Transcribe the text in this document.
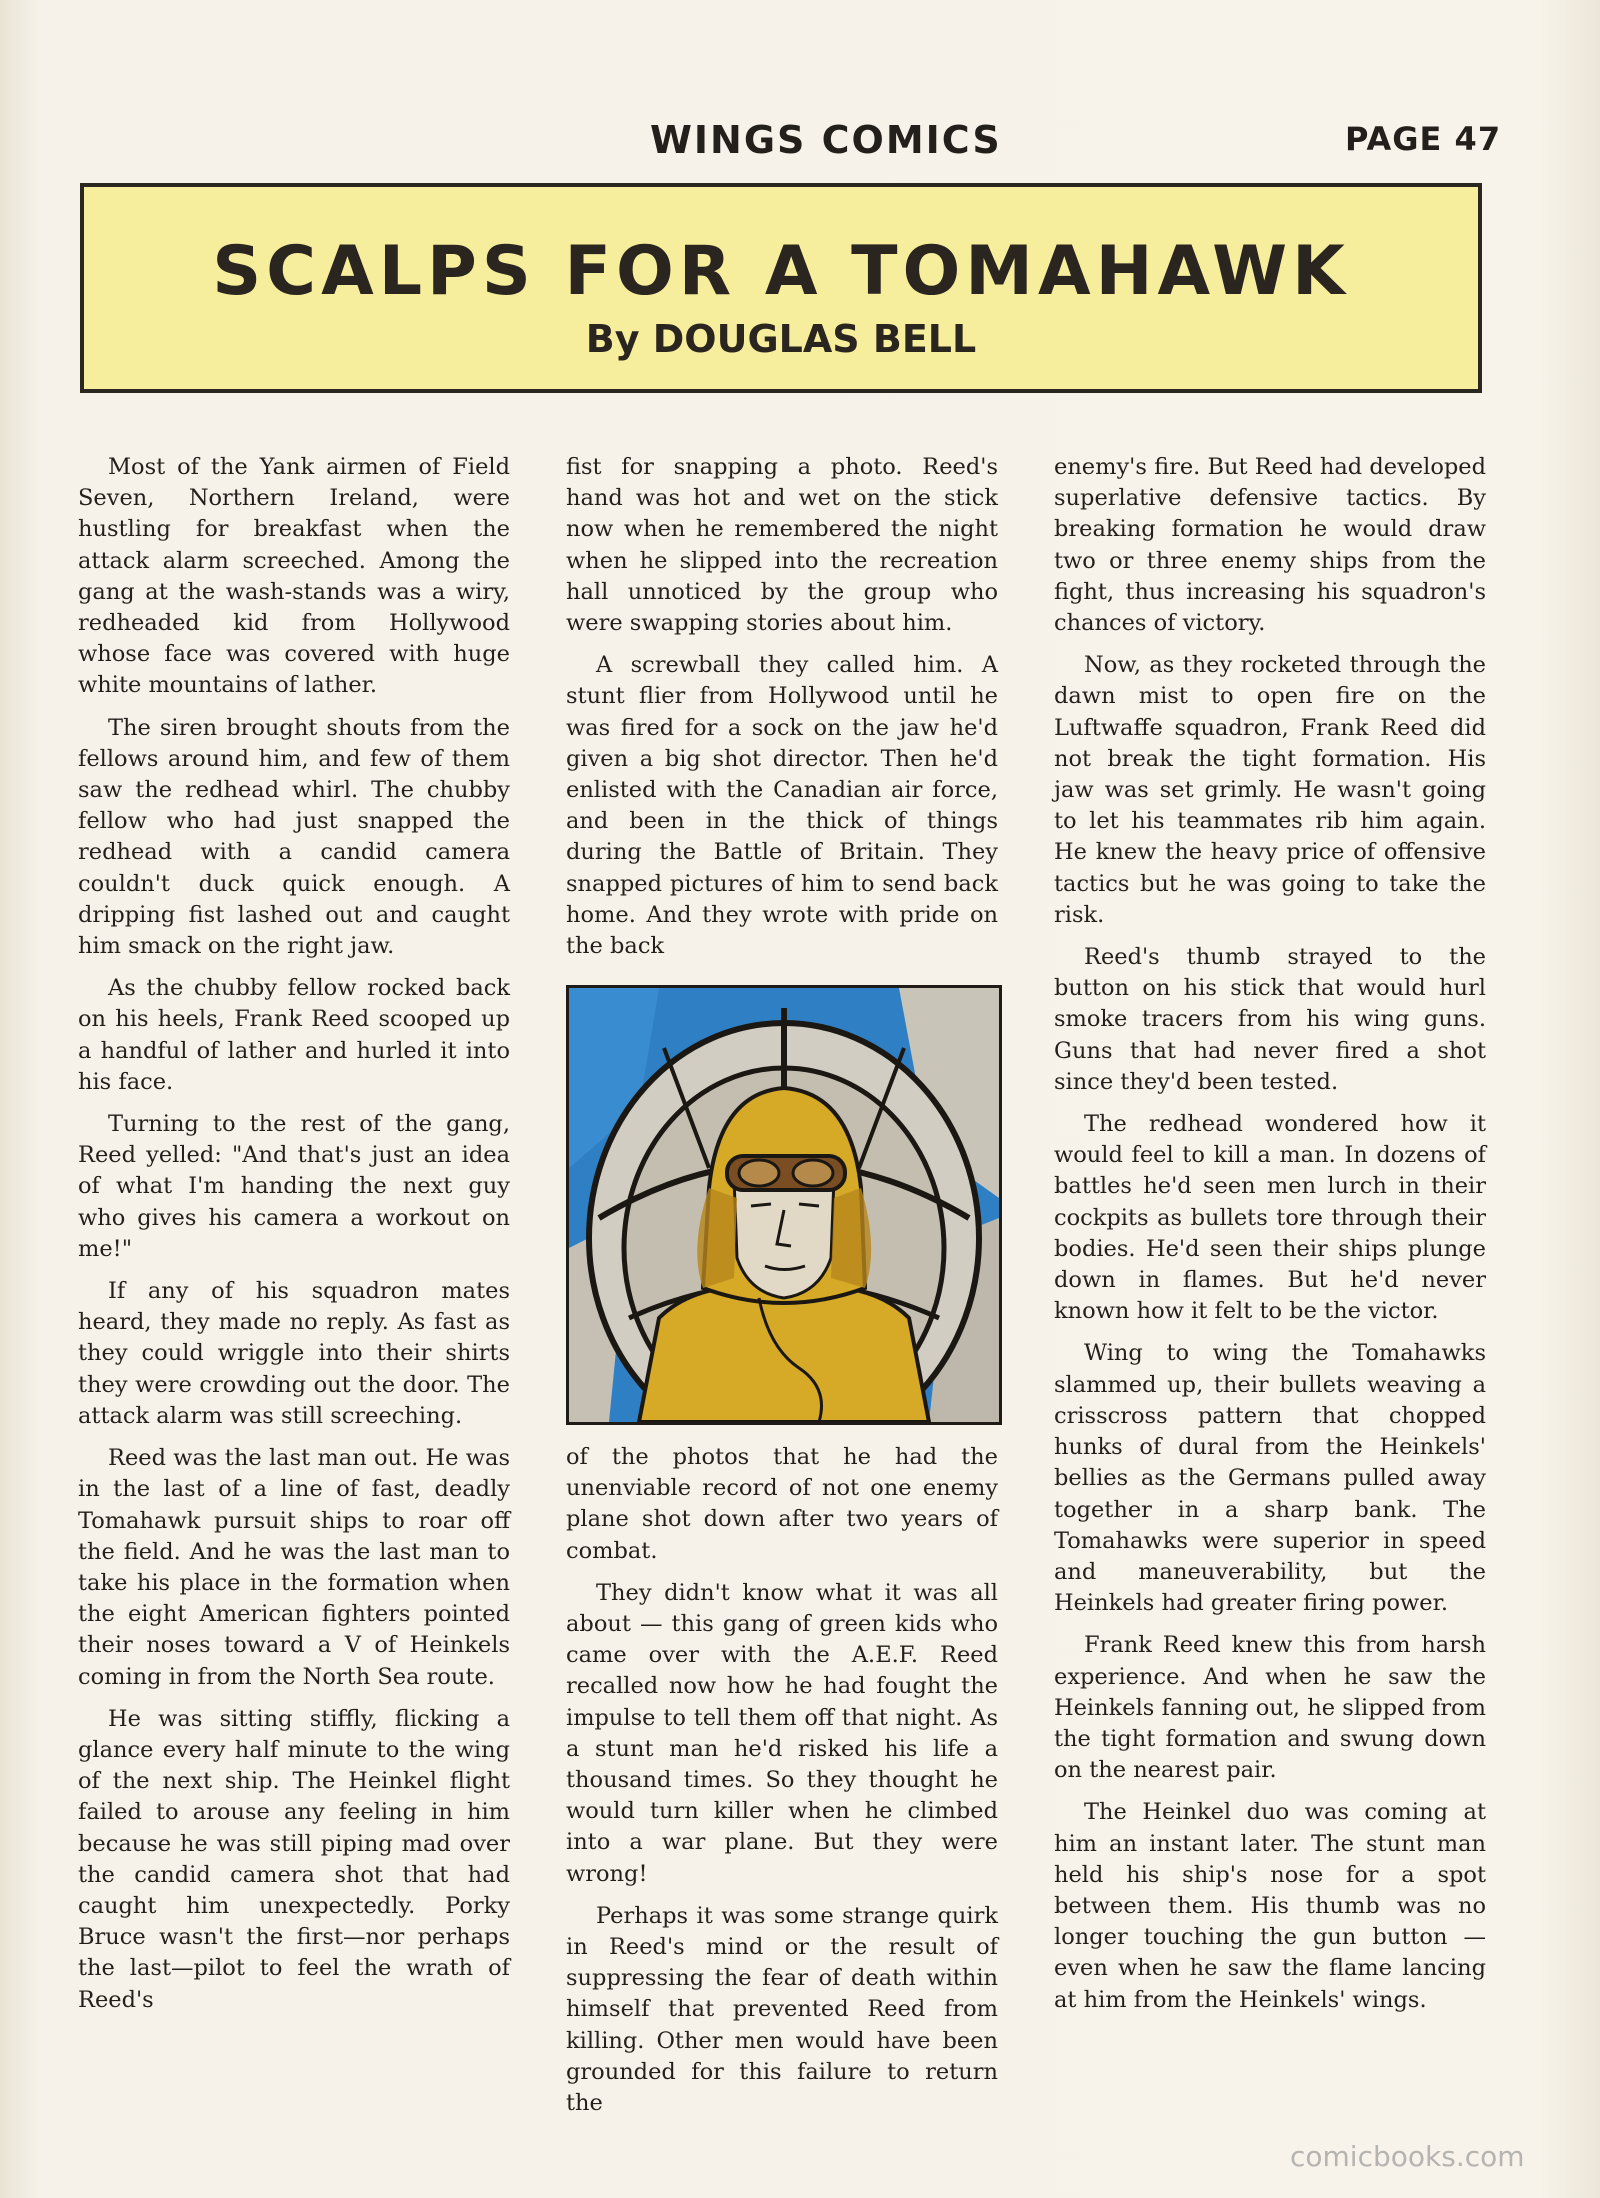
WINGS COMICS	PAGE 47
SCALPS FOR A TOMAHAWK
By DOUGLAS BELL

Most of the Yank airmen of Field Seven, Northern Ireland, were hustling for breakfast when the attack alarm screeched. Among the gang at the wash-stands was a wiry, redheaded kid from Hollywood whose face was covered with huge white mountains of lather.

The siren brought shouts from the fellows around him, and few of them saw the redhead whirl. The chubby fellow who had just snapped the redhead with a candid camera couldn't duck quick enough. A dripping fist lashed out and caught him smack on the right jaw.

As the chubby fellow rocked back on his heels, Frank Reed scooped up a handful of lather and hurled it into his face.

Turning to the rest of the gang, Reed yelled: "And that's just an idea of what I'm handing the next guy who gives his camera a workout on me!"

If any of his squadron mates heard, they made no reply. As fast as they could wriggle into their shirts they were crowding out the door. The attack alarm was still screeching.

Reed was the last man out. He was in the last of a line of fast, deadly Tomahawk pursuit ships to roar off the field. And he was the last man to take his place in the formation when the eight American fighters pointed their noses toward a V of Heinkels coming in from the North Sea route.

He was sitting stiffly, flicking a glance every half minute to the wing of the next ship. The Heinkel flight failed to arouse any feeling in him because he was still piping mad over the candid camera shot that had caught him unexpectedly. Porky Bruce wasn't the first—nor perhaps the last—pilot to feel the wrath of Reed's

fist for snapping a photo. Reed's hand was hot and wet on the stick now when he remembered the night when he slipped into the recreation hall unnoticed by the group who were swapping stories about him.

A screwball they called him. A stunt flier from Hollywood until he was fired for a sock on the jaw he'd given a big shot director. Then he'd enlisted with the Canadian air force, and been in the thick of things during the Battle of Britain. They snapped pictures of him to send back home. And they wrote with pride on the back

of the photos that he had the unenviable record of not one enemy plane shot down after two years of combat.

They didn't know what it was all about — this gang of green kids who came over with the A.E.F. Reed recalled now how he had fought the impulse to tell them off that night. As a stunt man he'd risked his life a thousand times. So they thought he would turn killer when he climbed into a war plane. But they were wrong!

Perhaps it was some strange quirk in Reed's mind or the result of suppressing the fear of death within himself that prevented Reed from killing. Other men would have been grounded for this failure to return the

enemy's fire. But Reed had developed superlative defensive tactics. By breaking formation he would draw two or three enemy ships from the fight, thus increasing his squadron's chances of victory.

Now, as they rocketed through the dawn mist to open fire on the Luftwaffe squadron, Frank Reed did not break the tight formation. His jaw was set grimly. He wasn't going to let his teammates rib him again. He knew the heavy price of offensive tactics but he was going to take the risk.

Reed's thumb strayed to the button on his stick that would hurl smoke tracers from his wing guns. Guns that had never fired a shot since they'd been tested.

The redhead wondered how it would feel to kill a man. In dozens of battles he'd seen men lurch in their cockpits as bullets tore through their bodies. He'd seen their ships plunge down in flames. But he'd never known how it felt to be the victor.

Wing to wing the Tomahawks slammed up, their bullets weaving a crisscross pattern that chopped hunks of dural from the Heinkels' bellies as the Germans pulled away together in a sharp bank. The Tomahawks were superior in speed and maneuverability, but the Heinkels had greater firing power.

Frank Reed knew this from harsh experience. And when he saw the Heinkels fanning out, he slipped from the tight formation and swung down on the nearest pair.

The Heinkel duo was coming at him an instant later. The stunt man held his ship's nose for a spot between them. His thumb was no longer touching the gun button — even when he saw the flame lancing at him from the Heinkels' wings.

comicbooks.com
